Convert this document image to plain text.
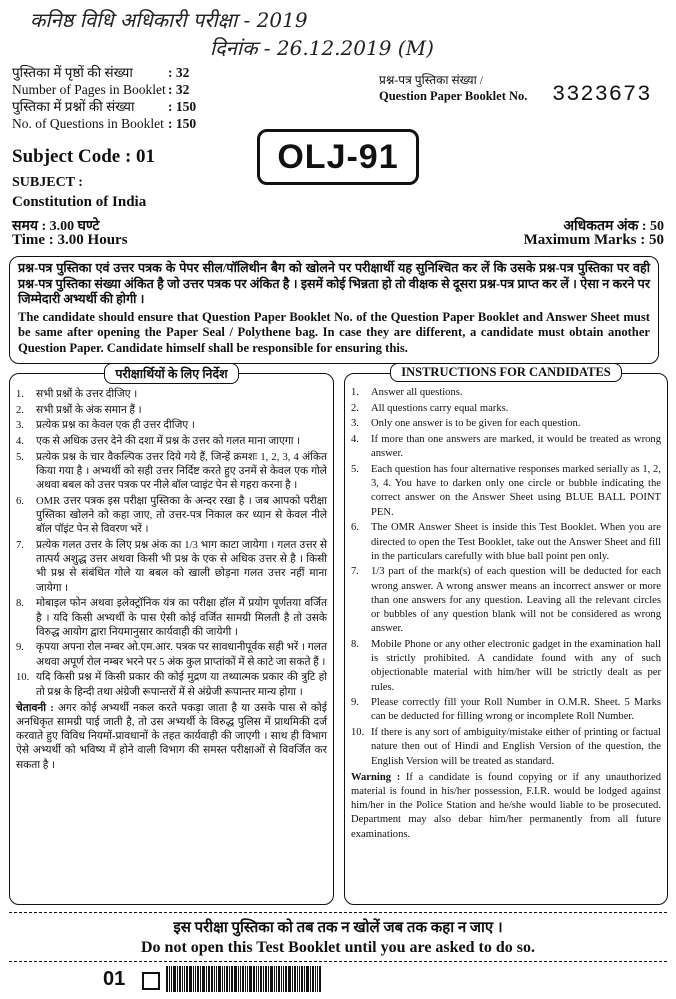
कनिष्ठ विधि अधिकारी परीक्षा - 2019
दिनांक - 26.12.2019 (M)
पुस्तिका में पृष्ठों की संख्या	: 32
Number of Pages in Booklet : 32
पुस्तिका में प्रश्नों की संख्या	: 150
No. of Questions in Booklet : 150
प्रश्न-पत्र पुस्तिका संख्या /
Question Paper Booklet No. 3323673
OLJ-91
Subject Code : 01
SUBJECT :
Constitution of India
समय : 3.00 घण्टे
Time : 3.00 Hours
अधिकतम अंक : 50
Maximum Marks : 50

प्रश्न-पत्र पुस्तिका एवं उत्तर पत्रक के पेपर सील/पॉलिथीन बैग को खोलने पर परीक्षार्थी यह सुनिश्चित कर लें कि उसके प्रश्न-पत्र पुस्तिका पर वही प्रश्न-पत्र पुस्तिका संख्या अंकित है जो उत्तर पत्रक पर अंकित है । इसमें कोई भिन्नता हो तो वीक्षक से दूसरा प्रश्न-पत्र प्राप्त कर लें । ऐसा न करने पर जिम्मेदारी अभ्यर्थी की होगी ।

The candidate should ensure that Question Paper Booklet No. of the Question Paper Booklet and Answer Sheet must be same after opening the Paper Seal / Polythene bag. In case they are different, a candidate must obtain another Question Paper. Candidate himself shall be responsible for ensuring this.

परीक्षार्थियों के लिए निर्देश
1.	सभी प्रश्नों के उत्तर दीजिए ।
2.	सभी प्रश्नों के अंक समान हैं ।
3.	प्रत्येक प्रश्न का केवल एक ही उत्तर दीजिए ।
4.	एक से अधिक उत्तर देने की दशा में प्रश्न के उत्तर को गलत माना जाएगा ।
5.	प्रत्येक प्रश्न के चार वैकल्पिक उत्तर दिये गये हैं, जिन्हें क्रमशः 1, 2, 3, 4 अंकित किया गया है । अभ्यर्थी को सही उत्तर निर्दिष्ट करते हुए उनमें से केवल एक गोले अथवा बबल को उत्तर पत्रक पर नीले बॉल प्वाइंट पेन से गहरा करना है ।
6.	OMR उत्तर पत्रक इस परीक्षा पुस्तिका के अन्दर रखा है । जब आपको परीक्षा पुस्तिका खोलने को कहा जाए, तो उत्तर-पत्र निकाल कर ध्यान से केवल नीले बॉल पॉइंट पेन से विवरण भरें ।
7.	प्रत्येक गलत उत्तर के लिए प्रश्न अंक का 1/3 भाग काटा जायेगा । गलत उत्तर से तात्पर्य अशुद्ध उत्तर अथवा किसी भी प्रश्न के एक से अधिक उत्तर से है । किसी भी प्रश्न से संबंधित गोले या बबल को खाली छोड़ना गलत उत्तर नहीं माना जायेगा ।
8.	मोबाइल फोन अथवा इलेक्ट्रॉनिक यंत्र का परीक्षा हॉल में प्रयोग पूर्णतया वर्जित है । यदि किसी अभ्यर्थी के पास ऐसी कोई वर्जित सामग्री मिलती है तो उसके विरुद्ध आयोग द्वारा नियमानुसार कार्यवाही की जायेगी ।
9.	कृपया अपना रोल नम्बर ओ.एम.आर. पत्रक पर सावधानीपूर्वक सही भरें । गलत अथवा अपूर्ण रोल नम्बर भरने पर 5 अंक कुल प्राप्तांकों में से काटे जा सकते हैं ।
10. यदि किसी प्रश्न में किसी प्रकार की कोई मुद्रण या तथ्यात्मक प्रकार की त्रुटि हो तो प्रश्न के हिन्दी तथा अंग्रेजी रूपान्तरों में से अंग्रेजी रूपान्तर मान्य होगा ।
चेतावनी : अगर कोई अभ्यर्थी नकल करते पकड़ा जाता है या उसके पास से कोई अनधिकृत सामग्री पाई जाती है, तो उस अभ्यर्थी के विरुद्ध पुलिस में प्राथमिकी दर्ज करवाते हुए विविध नियमों-प्रावधानों के तहत कार्यवाही की जाएगी । साथ ही विभाग ऐसे अभ्यर्थी को भविष्य में होने वाली विभाग की समस्त परीक्षाओं से विवर्जित कर सकता है ।
INSTRUCTIONS FOR CANDIDATES
1.	Answer all questions.
2.	All questions carry equal marks.
3.	Only one answer is to be given for each question.
4.	If more than one answers are marked, it would be treated as wrong answer.
5.	Each question has four alternative responses marked serially as 1, 2, 3, 4. You have to darken only one circle or bubble indicating the correct answer on the Answer Sheet using BLUE BALL POINT PEN.
6.	The OMR Answer Sheet is inside this Test Booklet. When you are directed to open the Test Booklet, take out the Answer Sheet and fill in the particulars carefully with blue ball point pen only.
7.	1/3 part of the mark(s) of each question will be deducted for each wrong answer. A wrong answer means an incorrect answer or more than one answers for any question. Leaving all the relevant circles or bubbles of any question blank will not be considered as wrong answer.
8.	Mobile Phone or any other electronic gadget in the examination hall is strictly prohibited. A candidate found with any of such objectionable material with him/her will be strictly dealt as per rules.
9.	Please correctly fill your Roll Number in O.M.R. Sheet. 5 Marks can be deducted for filling wrong or incomplete Roll Number.
10. If there is any sort of ambiguity/mistake either of printing or factual nature then out of Hindi and English Version of the question, the English Version will be treated as standard.
Warning : If a candidate is found copying or if any unauthorized material is found in his/her possession, F.I.R. would be lodged against him/her in the Police Station and he/she would liable to be prosecuted. Department may also debar him/her permanently from all future examinations.
इस परीक्षा पुस्तिका को तब तक न खोलें जब तक कहा न जाए ।
Do not open this Test Booklet until you are asked to do so.
01
